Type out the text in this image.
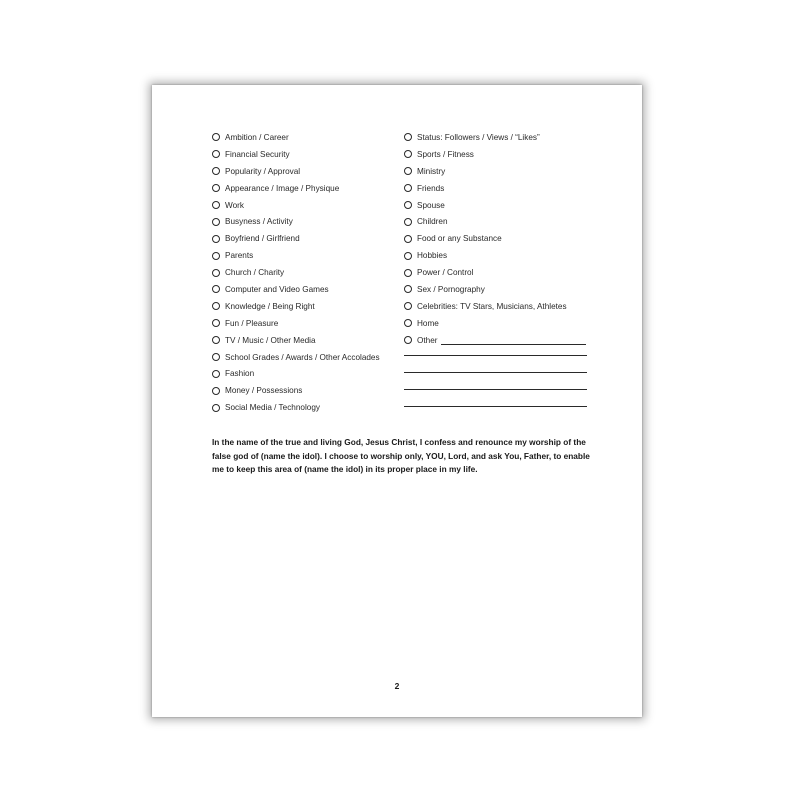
Ambition / Career
Financial Security
Popularity / Approval
Appearance / Image / Physique
Work
Busyness / Activity
Boyfriend / Girlfriend
Parents
Church / Charity
Computer and Video Games
Knowledge / Being Right
Fun / Pleasure
TV / Music / Other Media
School Grades / Awards / Other Accolades
Fashion
Money / Possessions
Social Media / Technology
Status: Followers / Views / “Likes”
Sports / Fitness
Ministry
Friends
Spouse
Children
Food or any Substance
Hobbies
Power / Control
Sex / Pornography
Celebrities: TV Stars, Musicians, Athletes
Home
Other

In the name of the true and living God, Jesus Christ, I confess and renounce my worship of the false god of (name the idol). I choose to worship only, YOU, Lord, and ask You, Father, to enable me to keep this area of (name the idol) in its proper place in my life.

2
